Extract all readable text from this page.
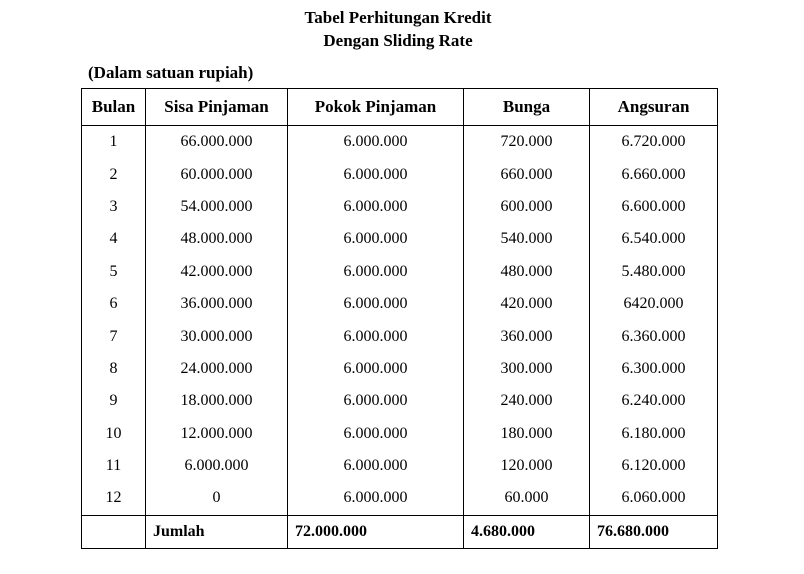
Tabel Perhitungan Kredit
Dengan Sliding Rate
(Dalam satuan rupiah)
Bulan	Sisa Pinjaman	Pokok Pinjaman	Bunga	Angsuran
1	66.000.000	6.000.000	720.000	6.720.000
2	60.000.000	6.000.000	660.000	6.660.000
3	54.000.000	6.000.000	600.000	6.600.000
4	48.000.000	6.000.000	540.000	6.540.000
5	42.000.000	6.000.000	480.000	5.480.000
6	36.000.000	6.000.000	420.000	6420.000
7	30.000.000	6.000.000	360.000	6.360.000
8	24.000.000	6.000.000	300.000	6.300.000
9	18.000.000	6.000.000	240.000	6.240.000
10	12.000.000	6.000.000	180.000	6.180.000
11	6.000.000	6.000.000	120.000	6.120.000
12	0	6.000.000	60.000	6.060.000
	Jumlah	72.000.000	4.680.000	76.680.000
